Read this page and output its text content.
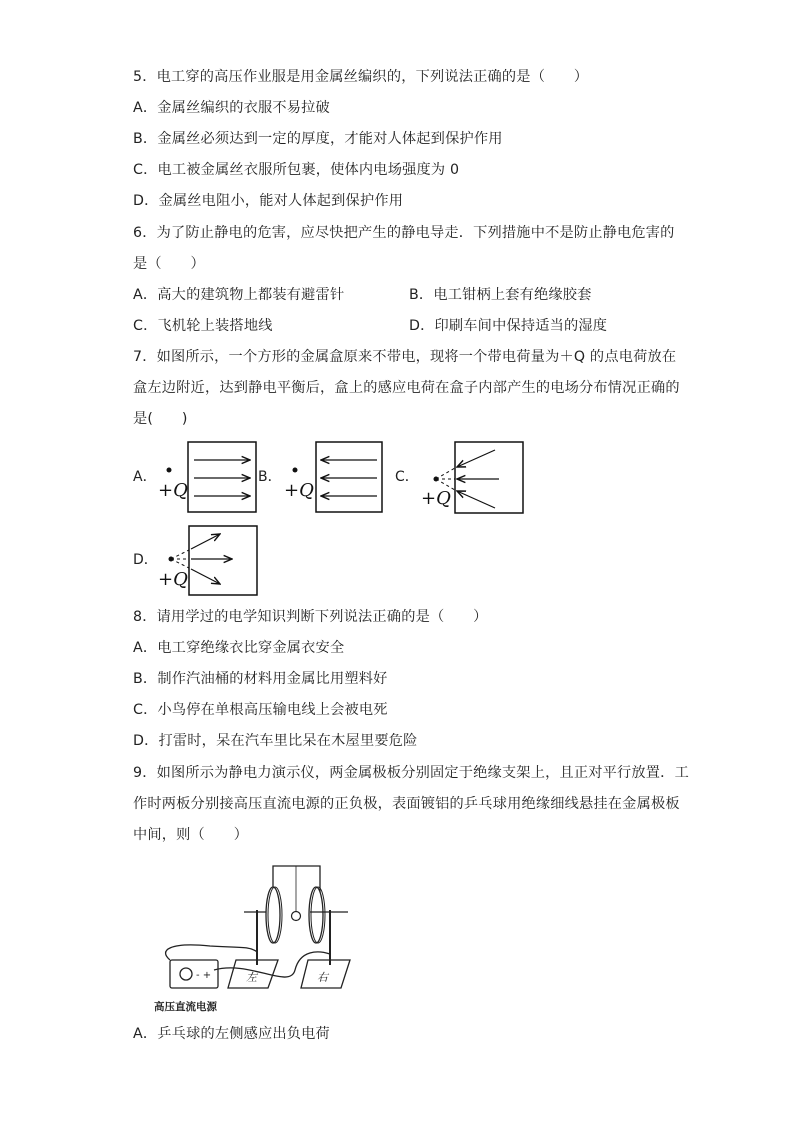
5．电工穿的高压作业服是用金属丝编织的，下列说法正确的是（　　）
A．金属丝编织的衣服不易拉破
B．金属丝必须达到一定的厚度，才能对人体起到保护作用
C．电工被金属丝衣服所包裹，使体内电场强度为 0
D．金属丝电阻小，能对人体起到保护作用
6．为了防止静电的危害，应尽快把产生的静电导走．下列措施中不是防止静电危害的
是（　　）
A．高大的建筑物上都装有避雷针	B．电工钳柄上套有绝缘胶套
C．飞机轮上装搭地线	D．印刷车间中保持适当的湿度
7．如图所示，一个方形的金属盒原来不带电，现将一个带电荷量为＋Q 的点电荷放在
盒左边附近，达到静电平衡后，盒上的感应电荷在盒子内部产生的电场分布情况正确的
是(　　)
A．	B．	C．
D．
+Q	+Q	+Q
+Q
8．请用学过的电学知识判断下列说法正确的是（　　）
A．电工穿绝缘衣比穿金属衣安全
B．制作汽油桶的材料用金属比用塑料好
C．小鸟停在单根高压输电线上会被电死
D．打雷时，呆在汽车里比呆在木屋里要危险
9．如图所示为静电力演示仪，两金属极板分别固定于绝缘支架上，且正对平行放置．工
作时两板分别接高压直流电源的正负极，表面镀铝的乒乓球用绝缘细线悬挂在金属极板
中间，则（　　）
左	右
- +
高压直流电源
A．乒乓球的左侧感应出负电荷
